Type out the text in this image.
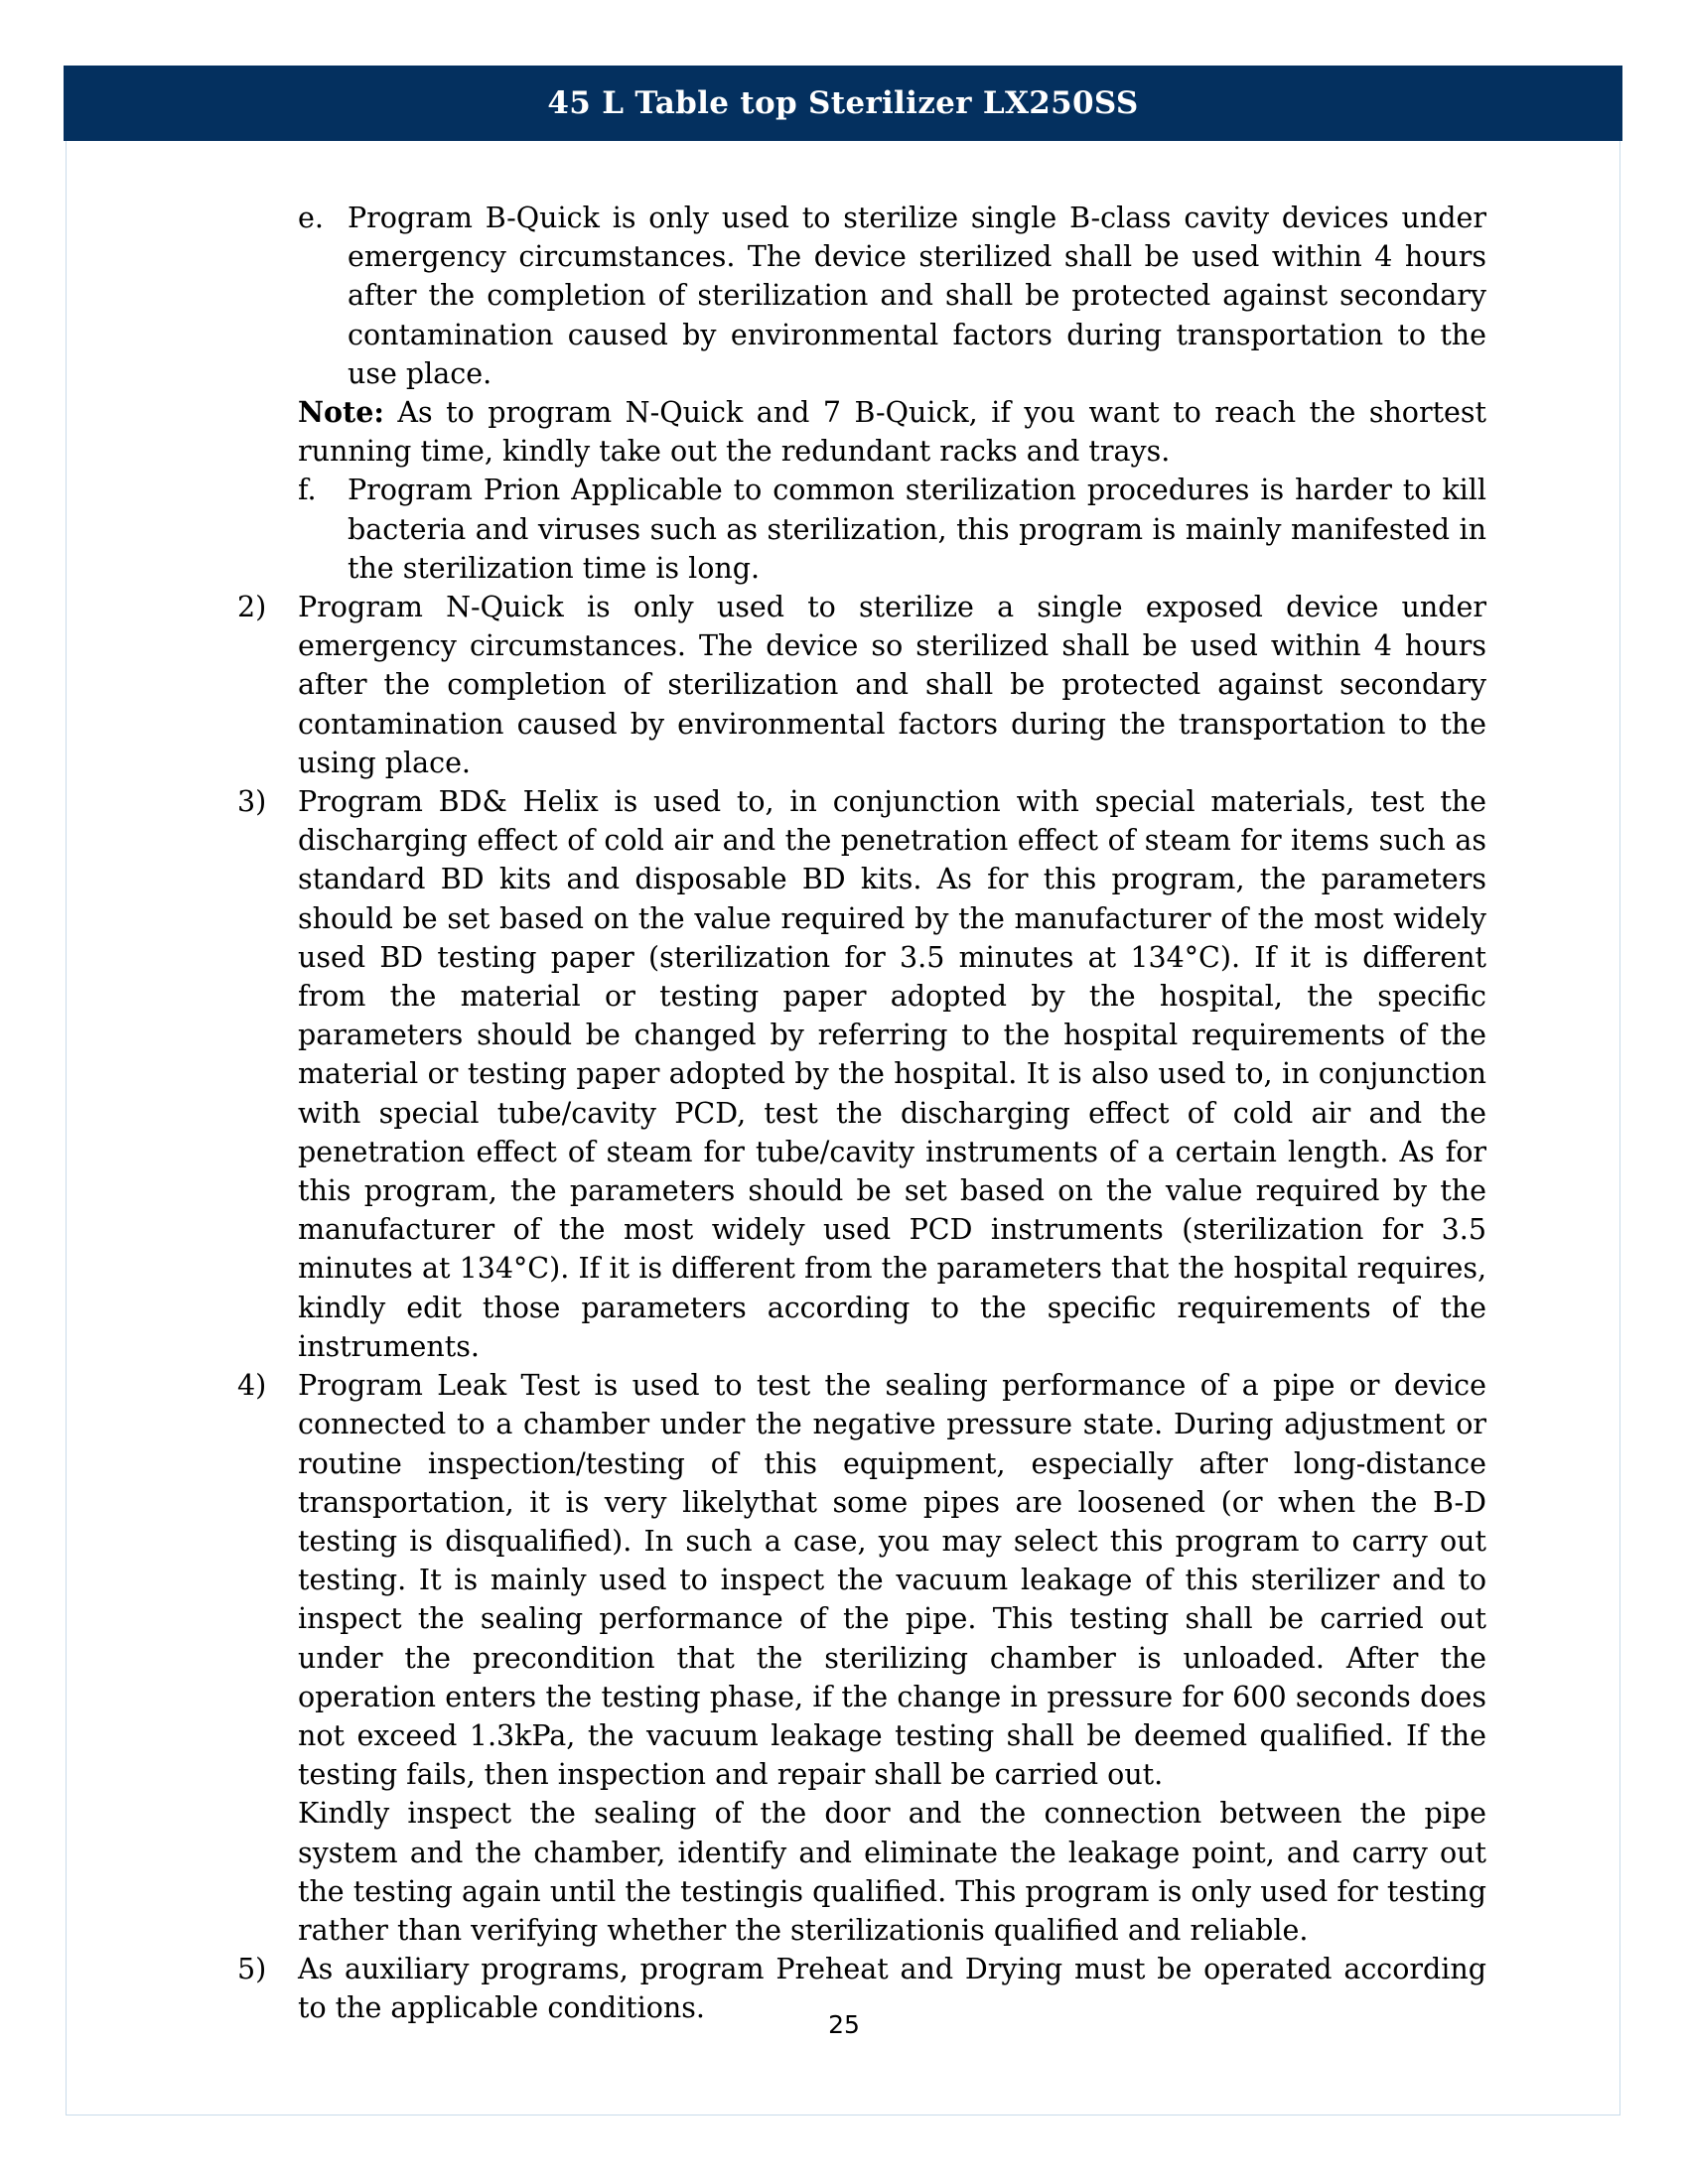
45 L Table top Sterilizer LX250SS
e. Program B-Quick is only used to sterilize single B-class cavity devices under emergency circumstances. The device sterilized shall be used within 4 hours after the completion of sterilization and shall be protected against secondary contamination caused by environmental factors during transportation to the use place.
Note: As to program N-Quick and 7 B-Quick, if you want to reach the shortest running time, kindly take out the redundant racks and trays.
f. Program Prion Applicable to common sterilization procedures is harder to kill bacteria and viruses such as sterilization, this program is mainly manifested in the sterilization time is long.
2) Program N-Quick is only used to sterilize a single exposed device under emergency circumstances. The device so sterilized shall be used within 4 hours after the completion of sterilization and shall be protected against secondary contamination caused by environmental factors during the transportation to the using place.
3) Program BD& Helix is used to, in conjunction with special materials, test the discharging effect of cold air and the penetration effect of steam for items such as standard BD kits and disposable BD kits. As for this program, the parameters should be set based on the value required by the manufacturer of the most widely used BD testing paper (sterilization for 3.5 minutes at 134°C). If it is different from the material or testing paper adopted by the hospital, the specific parameters should be changed by referring to the hospital requirements of the material or testing paper adopted by the hospital. It is also used to, in conjunction with special tube/cavity PCD, test the discharging effect of cold air and the penetration effect of steam for tube/cavity instruments of a certain length. As for this program, the parameters should be set based on the value required by the manufacturer of the most widely used PCD instruments (sterilization for 3.5 minutes at 134°C). If it is different from the parameters that the hospital requires, kindly edit those parameters according to the specific requirements of the instruments.
4) Program Leak Test is used to test the sealing performance of a pipe or device connected to a chamber under the negative pressure state. During adjustment or routine inspection/testing of this equipment, especially after long-distance transportation, it is very likelythat some pipes are loosened (or when the B-D testing is disqualified). In such a case, you may select this program to carry out testing. It is mainly used to inspect the vacuum leakage of this sterilizer and to inspect the sealing performance of the pipe. This testing shall be carried out under the precondition that the sterilizing chamber is unloaded. After the operation enters the testing phase, if the change in pressure for 600 seconds does not exceed 1.3kPa, the vacuum leakage testing shall be deemed qualified. If the testing fails, then inspection and repair shall be carried out.
Kindly inspect the sealing of the door and the connection between the pipe system and the chamber, identify and eliminate the leakage point, and carry out the testing again until the testingis qualified. This program is only used for testing rather than verifying whether the sterilizationis qualified and reliable.
5) As auxiliary programs, program Preheat and Drying must be operated according to the applicable conditions.
25
